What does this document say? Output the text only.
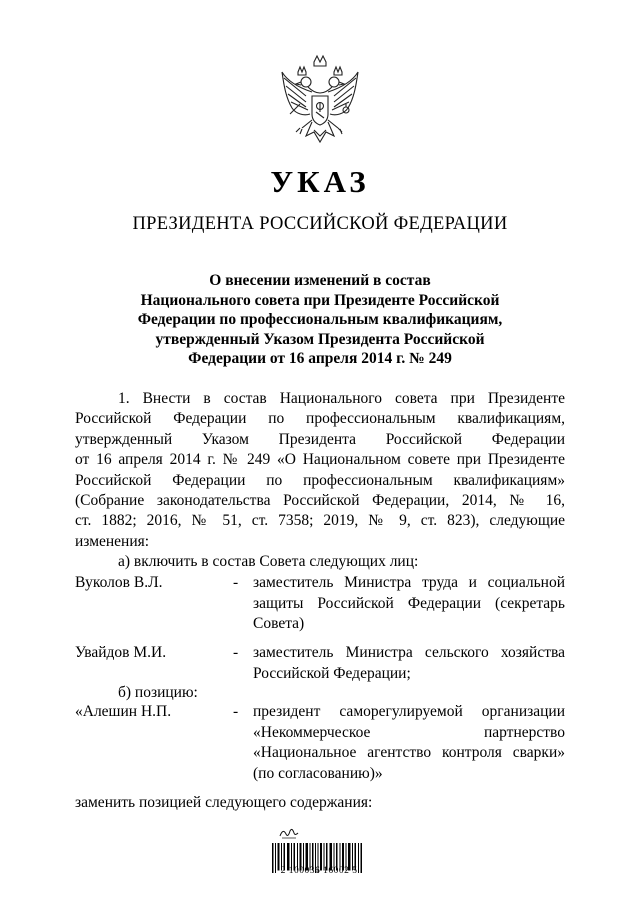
УКАЗ
ПРЕЗИДЕНТА РОССИЙСКОЙ ФЕДЕРАЦИИ
О внесении изменений в состав
Национального совета при Президенте Российской
Федерации по профессиональным квалификациям,
утвержденный Указом Президента Российской
Федерации от 16 апреля 2014 г. № 249
1. Внести в состав Национального совета при Президенте
Российской Федерации по профессиональным квалификациям,
утвержденный Указом Президента Российской Федерации
от 16 апреля 2014 г. № 249 «О Национальном совете при Президенте
Российской Федерации по профессиональным квалификациям»
(Собрание законодательства Российской Федерации, 2014, № 16,
ст. 1882; 2016, № 51, ст. 7358; 2019, № 9, ст. 823), следующие
изменения:
а) включить в состав Совета следующих лиц:
Вуколов В.Л.	- заместитель Министра труда и социальной
защиты Российской Федерации (секретарь
Совета)
Увайдов М.И.	- заместитель Министра сельского хозяйства
Российской Федерации;
б) позицию:
«Алешин Н.П.	- президент саморегулируемой организации
«Некоммерческое партнерство
«Национальное агентство контроля сварки»
(по согласованию)»
заменить позицией следующего содержания:
2 100036 16002 5
